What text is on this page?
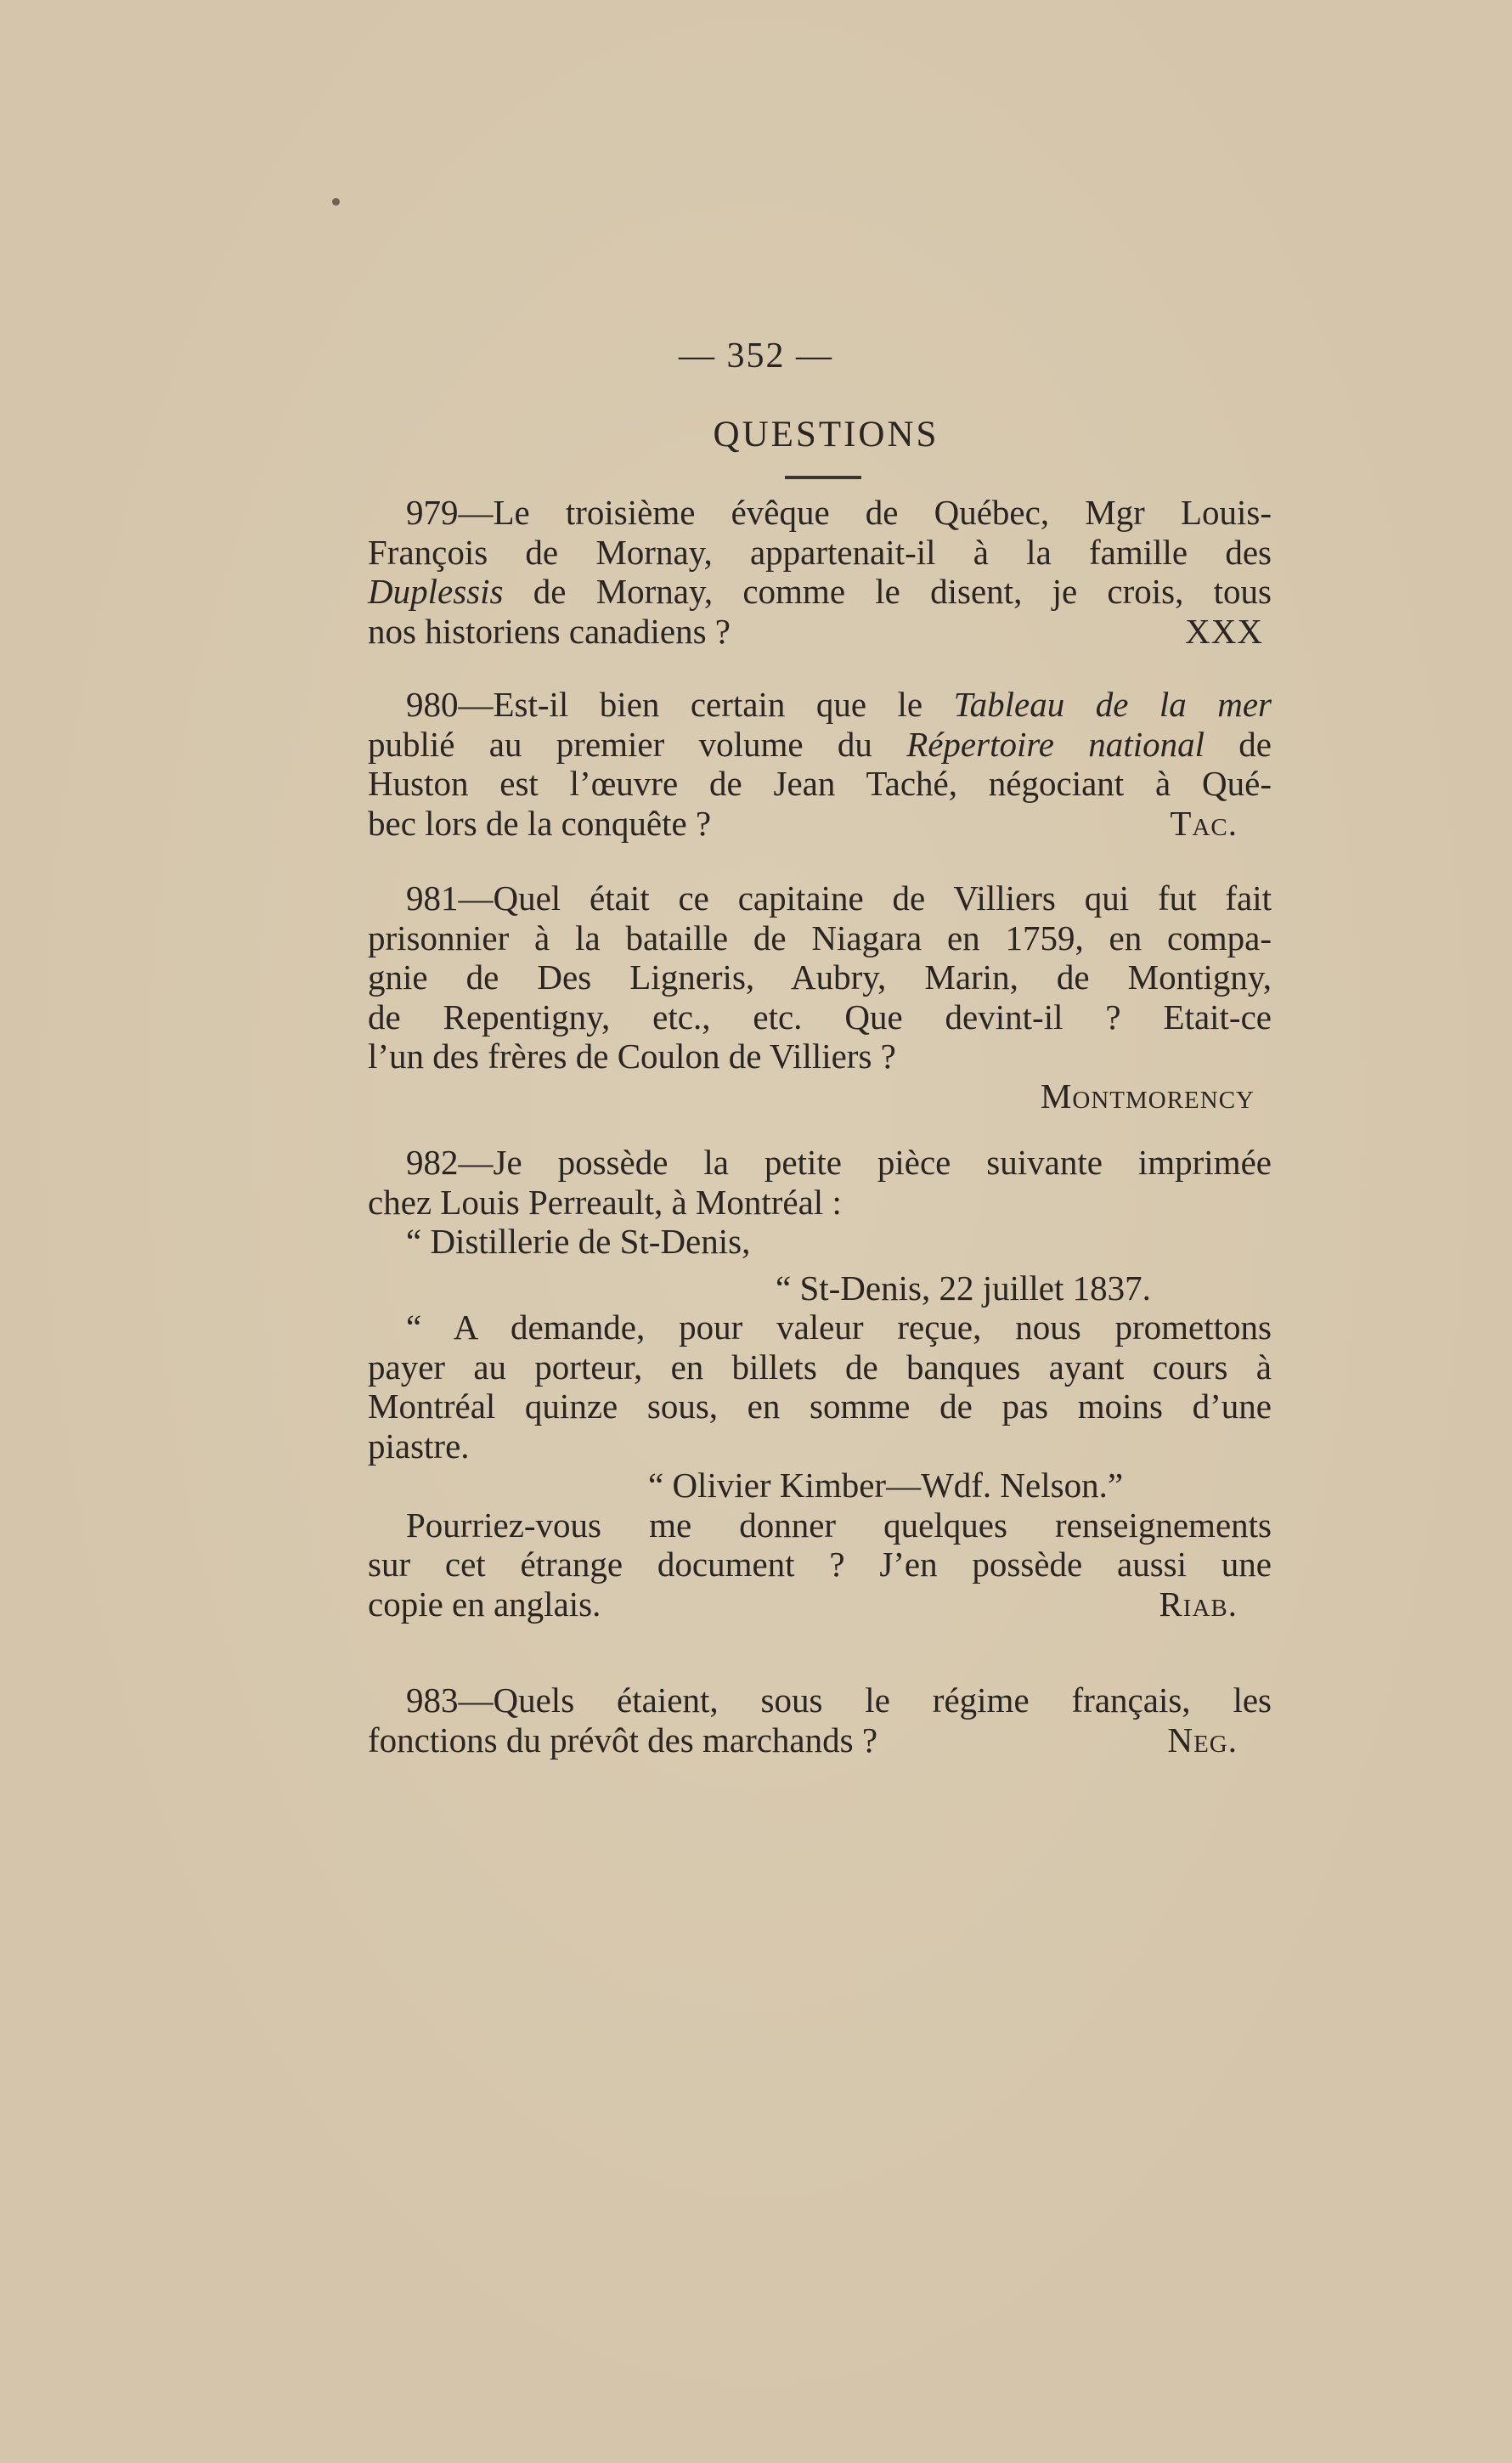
— 352 —
QUESTIONS
979—Le troisième évêque de Québec, Mgr Louis-
François de Mornay, appartenait-il à la famille des
Duplessis de Mornay, comme le disent, je crois, tous
nos historiens canadiens ?	XXX
980—Est-il bien certain que le Tableau de la mer
publié au premier volume du Répertoire national de
Huston est l’œuvre de Jean Taché, négociant à Qué-
bec lors de la conquête ?	Tac.
981—Quel était ce capitaine de Villiers qui fut fait
prisonnier à la bataille de Niagara en 1759, en compa-
gnie de Des Ligneris, Aubry, Marin, de Montigny,
de Repentigny, etc., etc. Que devint-il ? Etait-ce
l’un des frères de Coulon de Villiers ?
Montmorency
982—Je possède la petite pièce suivante imprimée
chez Louis Perreault, à Montréal :
“ Distillerie de St-Denis,
“ St-Denis, 22 juillet 1837.
“ A demande, pour valeur reçue, nous promettons
payer au porteur, en billets de banques ayant cours à
Montréal quinze sous, en somme de pas moins d’une
piastre.
“ Olivier Kimber—Wdf. Nelson.”
Pourriez-vous me donner quelques renseignements
sur cet étrange document ? J’en possède aussi une
copie en anglais.	Riab.
983—Quels étaient, sous le régime français, les
fonctions du prévôt des marchands ?	Neg.
